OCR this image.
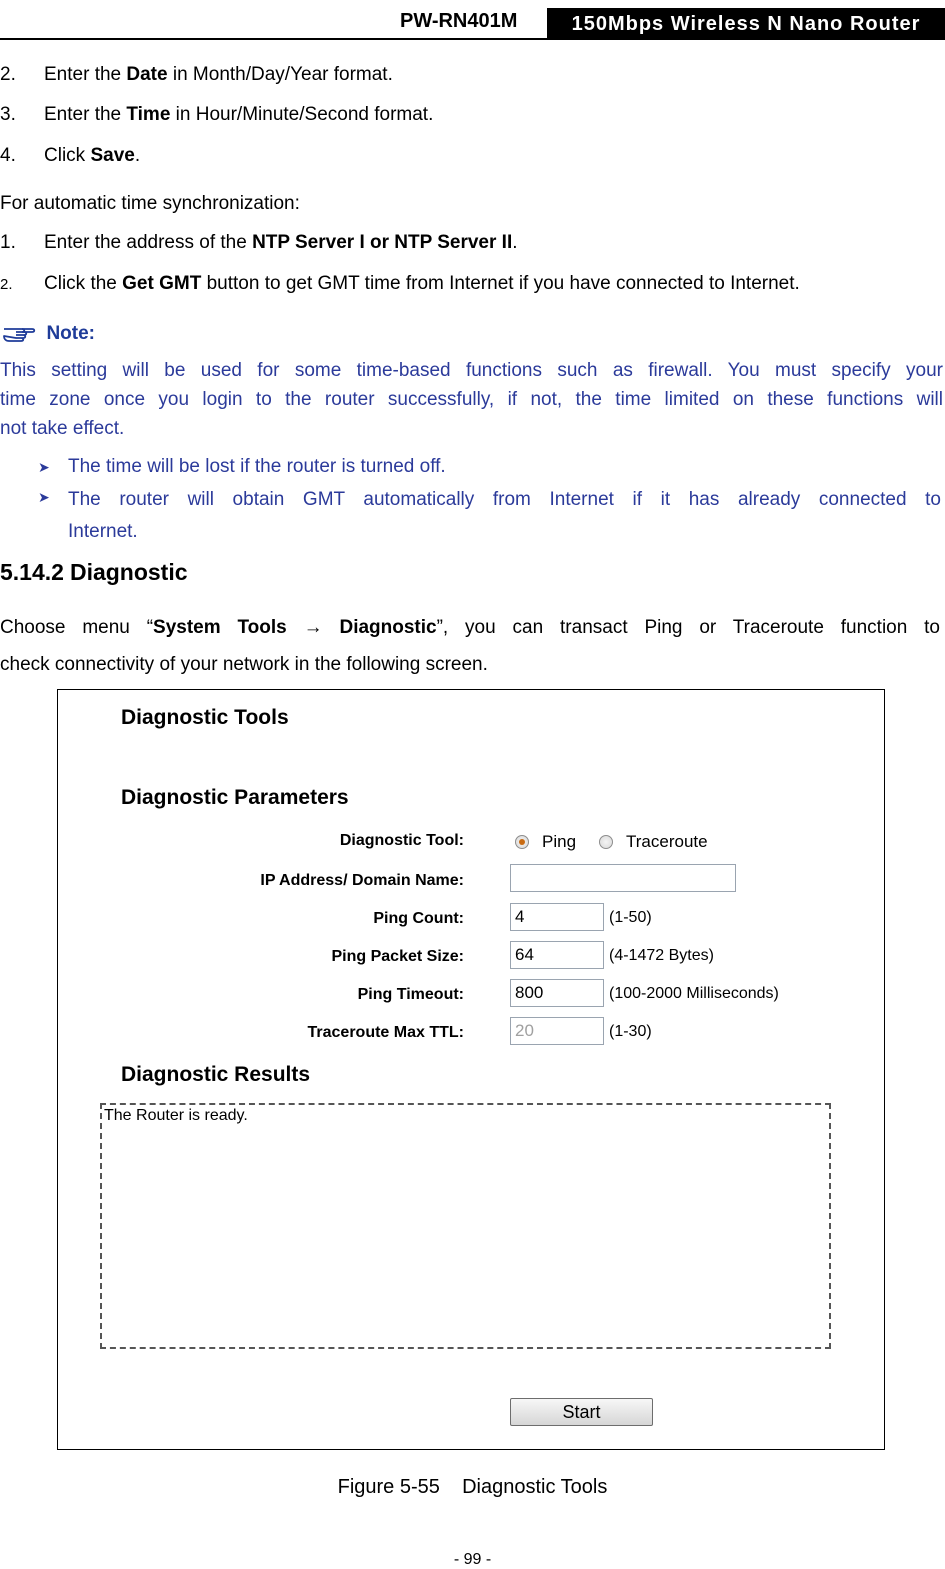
PW-RN401M	150Mbps Wireless N Nano Router
2. Enter the Date in Month/Day/Year format.
3. Enter the Time in Hour/Minute/Second format.
4. Click Save.
For automatic time synchronization:
1. Enter the address of the NTP Server I or NTP Server II.
2. Click the Get GMT button to get GMT time from Internet if you have connected to Internet.
Note:
This setting will be used for some time-based functions such as firewall. You must specify your
time zone once you login to the router successfully, if not, the time limited on these functions will
not take effect.
➤ The time will be lost if the router is turned off.
➤ The router will obtain GMT automatically from Internet if it has already connected to
Internet.
5.14.2 Diagnostic
Choose menu “System Tools → Diagnostic”, you can transact Ping or Traceroute function to
check connectivity of your network in the following screen.
Diagnostic Tools
Diagnostic Parameters
Diagnostic Tool:	Ping	Traceroute
IP Address/ Domain Name:
Ping Count:	4	(1-50)
Ping Packet Size:	64	(4-1472 Bytes)
Ping Timeout:	800	(100-2000 Milliseconds)
Traceroute Max TTL:	20	(1-30)
Diagnostic Results
The Router is ready.
Start
Figure 5-55    Diagnostic Tools
- 99 -
